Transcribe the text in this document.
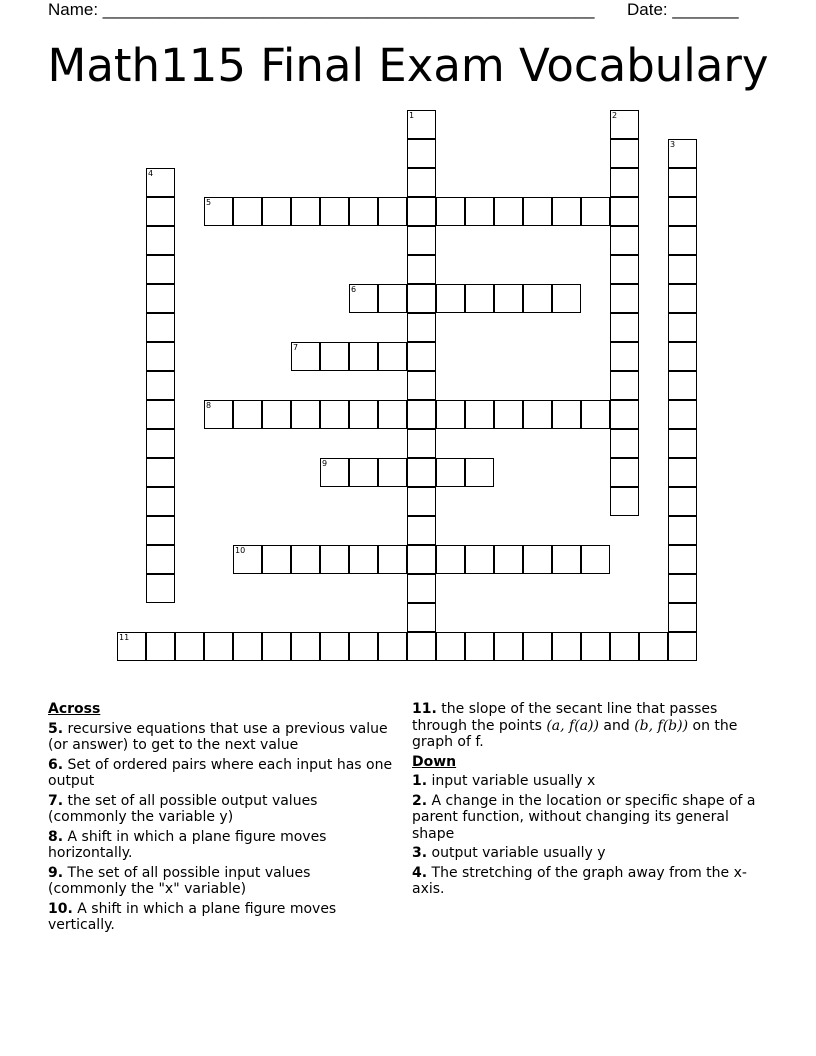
Name: ____________________________________________________ Date: _______
Math115 Final Exam Vocabulary
1	2
3
4
5
6
7
8
9
10
11
Across
5. recursive equations that use a previous value (or answer) to get to the next value
6. Set of ordered pairs where each input has one output
7. the set of all possible output values (commonly the variable y)
8. A shift in which a plane figure moves horizontally.
9. The set of all possible input values (commonly the "x" variable)
10. A shift in which a plane figure moves vertically.
11. the slope of the secant line that passes through the points (a, f(a)) and (b, f(b)) on the graph of f.
Down
1. input variable usually x
2. A change in the location or specific shape of a parent function, without changing its general shape
3. output variable usually y
4. The stretching of the graph away from the x-axis.
